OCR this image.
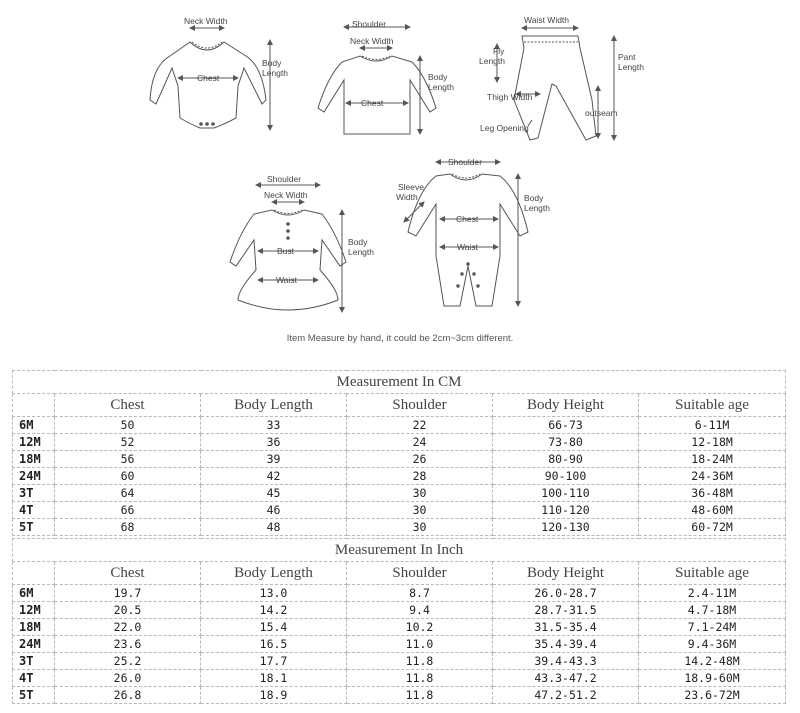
Neck Width
Chest
Body
Length
Shoulder
Neck Width
Chest
Body
Length
Waist Width
Fly
Length	Pant
Length
Thigh Width
outseam
Leg Opening
Shoulder
Neck Width
Bust
Waist
Body
Length
Shoulder
Sleeve
Width
Chest
Waist
Body
Length
Item Measure by hand, it could be 2cm~3cm different.
Measurement In CM					
	Chest	Body Length	Shoulder	Body Height	Suitable age
6M	50	33	22	66-73	6-11M
12M	52	36	24	73-80	12-18M
18M	56	39	26	80-90	18-24M
24M	60	42	28	90-100	24-36M
3T	64	45	30	100-110	36-48M
4T	66	46	30	110-120	48-60M
5T	68	48	30	120-130	60-72M
Measurement In Inch					
	Chest	Body Length	Shoulder	Body Height	Suitable age
6M	19.7	13.0	8.7	26.0-28.7	2.4-11M
12M	20.5	14.2	9.4	28.7-31.5	4.7-18M
18M	22.0	15.4	10.2	31.5-35.4	7.1-24M
24M	23.6	16.5	11.0	35.4-39.4	9.4-36M
3T	25.2	17.7	11.8	39.4-43.3	14.2-48M
4T	26.0	18.1	11.8	43.3-47.2	18.9-60M
5T	26.8	18.9	11.8	47.2-51.2	23.6-72M
